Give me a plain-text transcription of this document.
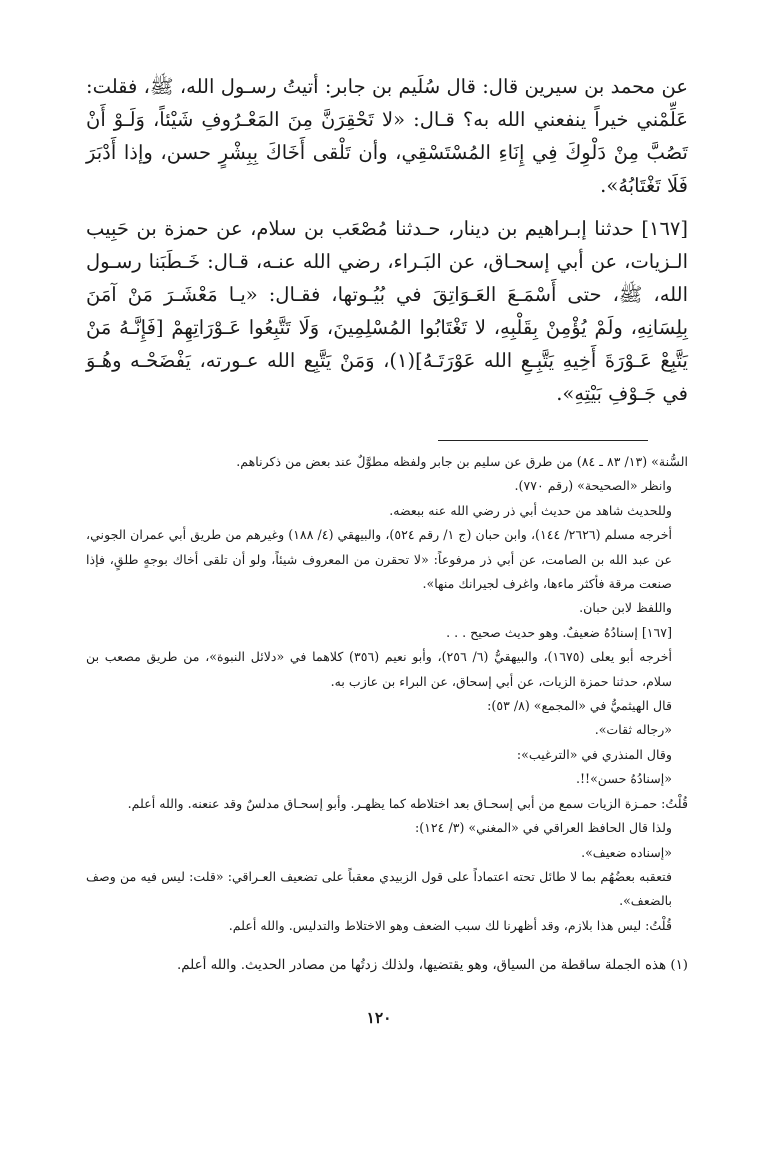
عن محمد بن سيرين قال: قال سُلَيم بن جابر: أتيتُ رسـول الله، ﷺ، فقلت: عَلِّمْني خيراً ينفعني الله به؟ قـال: «لا تَحْقِرَنَّ مِنَ المَعْـرُوفِ شَيْئاً، وَلَـوْ أَنْ تَصُبَّ مِنْ دَلْوِكَ فِي إِنَاءِ المُسْتَسْقِي، وأن تَلْقى أَخَاكَ بِبِشْرٍ حسن، وإذا أَدْبَرَ فَلَا تَغْتَابُهُ».

[١٦٧] حدثنا إبـراهيم بن دينار، حـدثنا مُصْعَب بن سلام، عن حمزة بن حَبِيب الـزيات، عن أبي إسحـاق، عن البَـراء، رضي الله عنـه، قـال: خَـطَبَنا رسـول الله، ﷺ، حتى أَسْمَـعَ العَـوَاتِقَ في بُيُـوتها، فقـال: «يـا مَعْشَـرَ مَنْ آمَنَ بِلِسَانِهِ، ولَمْ يُؤْمِنْ بِقَلْبِهِ، لا تَغْتَابُوا المُسْلِمِينَ، وَلَا تَتَّبِعُوا عَـوْرَاتِهِمْ [فَإِنَّـهُ مَنْ يَتَّبِعْ عَـوْرَةَ أَخِيهِ يَتَّبِـعِ الله عَوْرَتَـهُ](١)، وَمَنْ يَتَّبِع الله عـورته، يَفْضَحْـه وهُـوَ في جَـوْفِ بَيْتِهِ».

السُّنة» (١٣/ ٨٣ ـ ٨٤) من طرق عن سليم بن جابر ولفظه مطوَّلٌ عند بعض من ذكرناهم.

وانظر «الصحيحة» (رقم ٧٧٠).

وللحديث شاهد من حديث أبي ذر رضي الله عنه ببعضه.

أخرجه مسلم (٢٦٢٦/ ١٤٤)، وابن حبان (ج ١/ رقم ٥٢٤)، والبيهقي (٤/ ١٨٨) وغيرهم من طريق أبي عمران الجوني، عن عبد الله بن الصامت، عن أبي ذر مرفوعاً: «لا تحقرن من المعروف شيئاً، ولو أن تلقى أخاك بوجهٍ طلقٍ، فإذا صنعت مرقة فأكثر ماءها، واغرف لجيرانك منها».

واللفظ لابن حبان.

[١٦٧] إسنادُهُ ضعيفٌ. وهو حديث صحيح . . .

أخرجه أبو يعلى (١٦٧٥)، والبيهقيُّ (٦/ ٢٥٦)، وأبو نعيم (٣٥٦) كلاهما في «دلائل النبوة»، من طريق مصعب بن سلام، حدثنا حمزة الزيات، عن أبي إسحاق، عن البراء بن عازب به.

قال الهيثميُّ في «المجمع» (٨/ ٥٣):

«رجاله ثقات».

وقال المنذري في «الترغيب»:

«إسنادُهُ حسن»!!.

قُلْتُ: حمـزة الزيات سمع من أبي إسحـاق بعد اختلاطه كما يظهـر. وأبو إسحـاق مدلسٌ وقد عنعنه. والله أعلم.

ولذا قال الحافظ العراقي في «المغني» (٣/ ١٢٤):

«إسناده ضعيف».

فتعقبه بعضُهُم بما لا طائل تحته اعتماداً على قول الزبيدي معقباً على تضعيف العـراقي: «قلت: ليس فيه من وصف بالضعف».

قُلْتُ: ليس هذا بلازم، وقد أظهرنا لك سبب الضعف وهو الاختلاط والتدليس. والله أعلم.

(١) هذه الجملة ساقطة من السياق، وهو يقتضيها، ولذلك زدتُها من مصادر الحديث. والله أعلم.
١٢٠
